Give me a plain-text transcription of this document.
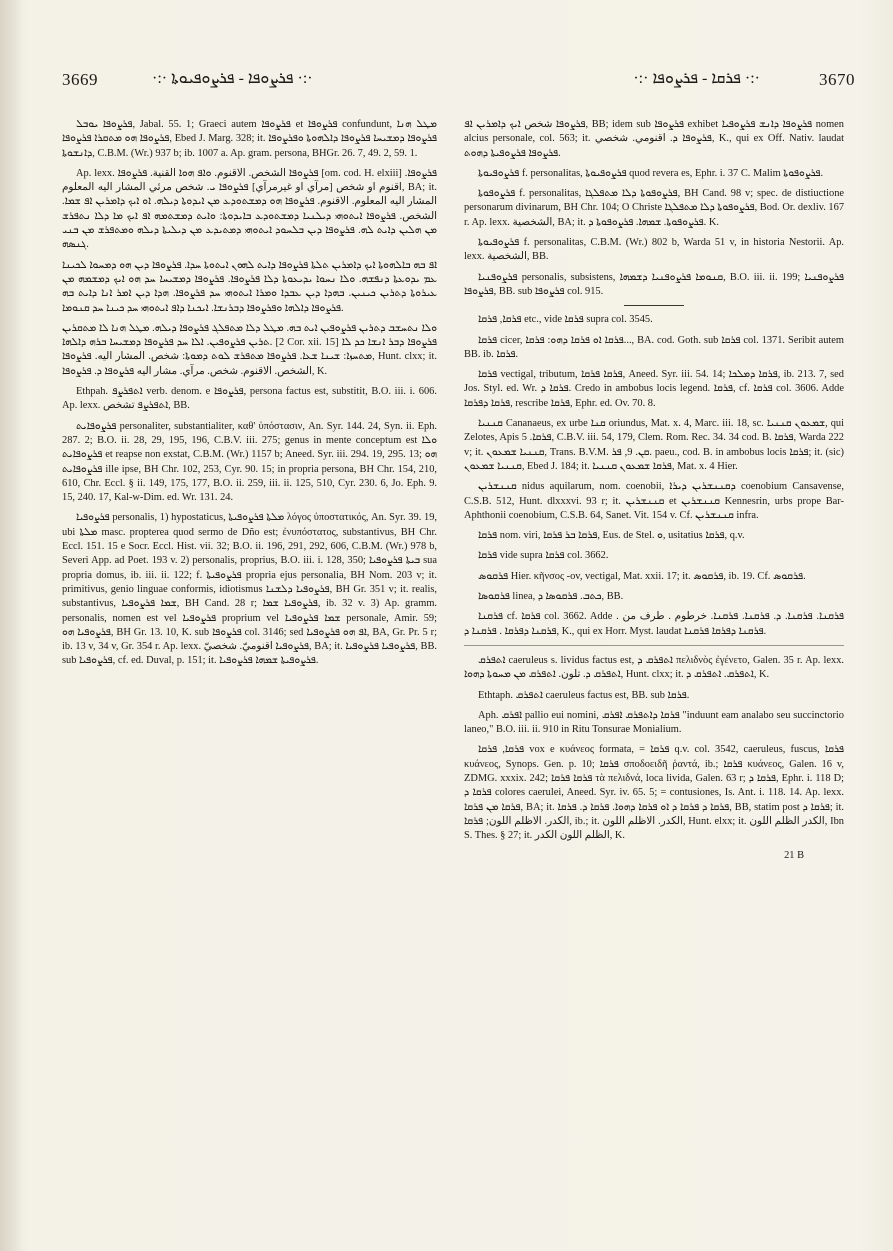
3669	·:· ܦܪܨܘܦܐ - ܦܪܨܘܦܝܘܬܐ ·:·	·:· ܦܪܩܐ - ܦܪܨܘܦܐ ·:·	3670

ܦܪܨܘܦܐ ܝܘܒܠ, Jabal. 55. 1; Graeci autem ܦܪܨܘܦܐ et ܦܪܨܘܦܐ confundunt, ܡܛܠ ܗܢܐ ܦܪܨܘܦܐ ܗܘ ܡܬܩܪܐ ܦܪܨܘܦܐ, Ebed J. Marg. 328; it. ܦܪܨܘܦܐ ܕܡܫܝܚܐ ܦܪܨܘܦܐ ܕܐܠܗܘܬܐ ܘܦܪܨܘܦܐ ܕܐܢܫܘܬܐ, C.B.M. (Wr.) 937 b; ib. 1007 a. Ap. gram. persona, BHGr. 26. 7, 49. 2, 59. 1.

Ap. lexx. ܦܪܨܘܦܐ الشخص. الاقنوم. ܘܐܦ ܗܘܐ القنية. ܦܪܨܘܦܐ [om. cod. H. elxiii] ܦܪܨܘܦܐ. اقنوم او شخص [مرآي او غيرمرآي] ܦܪܨܘܦܐ ܝ. شخص مرئي المشار اليه المعلوم, BA; it. المشار اليه المعلوم. الاقنوم. ܦܪܨܘܦܐ ܗܘ ܕܡܫܬܘܕܥ ܡܢ ܐܝܕܘܬܐ ܕܝܠܗ. ܐܘ ܐܝܟ ܕܐܡܪܝܢ ܐܦ ܫܡܐ. الشخص. ܦܪܨܘܦܐ ܐܝܬܘܗܝ ܕܝܠܢܝܐ ܕܡܫܬܘܕܥ ܒܐܝܕܘܬܐ: ܘܐܝܬ ܕܡܫܬܡܗ ܐܦ ܐܝܟ ܡܐ ܕܠܐ ܢܬܦܪܫ ܡܢ ܗܠܝܢ ܕܐܝܬ ܠܗ. ܦܪܨܘܦܐ ܕܝܢ ܒܠܚܘܕ ܐܝܬܘܗܝ ܕܡܬܝܕܥ ܡܢ ܕܝܠܝܬܐ ܕܝܠܗ ܘܡܬܦܪܫ ܡܢ ܒܢܝ ܓܢܣܗ.

ܐܦ ܒܗ ܒܐܠܗܘܬܐ ܐܝܟ ܕܐܡܪܝܢ ܬܠܬܐ ܦܪܨܘܦܐ ܕܐܝܬ ܠܗܘܢ ܐܝܬܘܬܐ ܚܕܐ. ܦܪܨܘܦܐ ܕܝܢ ܗܘ ܕܡܚܘܐ ܠܟܝܢܐ ܥܡ ܝܕܘܥܬܐ ܕܢܦܫܗ. ܘܠܐ ܢܚܘܐ ܝܕܝܥܘܬܐ ܕܠܐ ܦܪܨܘܦܐ. ܦܪܨܘܦܐ ܕܡܫܝܚܐ ܚܕ ܗܘ ܐܝܟ ܕܡܫܡܗ ܡܢ ܥܝܪܘܬܐ ܕܬܪܝܢ ܟܝܢܝܢ. ܒܗܕܐ ܕܝܢ ܥܒܕܐ ܘܡܪܐ ܐܝܬܘܗܝ ܚܕ ܦܪܨܘܦܐ. ܗܕܐ ܕܝܢ ܐܡܪ ܐܢܐ ܕܐܝܬ ܒܗ ܦܪܨܘܦܐ ܕܐܠܗܐ ܘܦܪܨܘܦܐ ܕܒܪܢܫܐ. ܐܝܟܢܐ ܕܐܦ ܐܝܬܘܗܝ ܚܕ ܟܝܢܐ ܚܕ ܩܢܘܡܐ.

ܘܠܐ ܢܬܚܫܒ ܕܬܪܝܢ ܦܪܨܘܦܝܢ ܐܝܬ ܒܗ. ܡܛܠ ܕܠܐ ܡܬܦܠܓ ܦܪܨܘܦܐ ܕܝܠܗ. ܡܛܠ ܗܢܐ ܠܐ ܡܬܩܪܝܢ ܬܪܝܢ ܦܪܨܘܦܝܢ. ܐܠܐ ܚܕ ܦܪܨܘܦܐ ܕܡܫܝܚܐ ܒܪܗ ܕܐܠܗܐ. [2 Cor. xii. 15] ܦܪܨܘܦܐ ܕܒܪ ܐܢܫܐ ܟܕ ܠܐ ܡܬܚܙܐ: ܫܝܢܐ ܫܥܐ. ܦܪܨܘܦܐ ܡܬܦܪܫ ܠܘܬ ܕܡܘܬܐ: شخص. المشار اليه. ܦܪܨܘܦܐ, Hunt. clxx; it. الشخص. الاقنوم. شخص. مرآي. مشار اليه ܦܪܨܘܦܐ ܕ. ܦܪܨܘܦܐ, K.

Ethpah. ܐܬܦܪܨܦ verb. denom. e ܦܪܨܘܦܐ, persona factus est, substitit, B.O. iii. i. 606. Ap. lexx. ܐܬܦܪܨܦ تشخص, BB.

ܦܪܨܘܦܐܝܬ personaliter, substantialiter, καθ' ὑπόστασιν, An. Syr. 144. 24, Syn. ii. Eph. 287. 2; B.O. ii. 28, 29, 195, 196, C.B.V. iii. 275; genus in mente conceptum est ܘܠܐ ܦܪܨܘܦܐܝܬ et reapse non exstat, C.B.M. (Wr.) 1157 b; Aneed. Syr. iii. 294. 19, 295. 13; ܗܘ ܦܪܨܘܦܐܝܬ ille ipse, BH Chr. 102, 253, Cyr. 90. 15; in propria persona, BH Chr. 154, 210, 610, Chr. Eccl. § ii. 149, 175, 177, B.O. ii. 259, iii. ii. 125, 510, Cyr. 230. 6, Jo. Eph. 9. 15, 240. 17, Kal-w-Dim. ed. Wr. 131. 24.

ܦܪܨܘܦܝܐ personalis, 1) hypostaticus, ܡܠܬܐ ܦܪܨܘܦܝܬܐ λόγος ὑποστατικός, An. Syr. 39. 19, ubi ܡܠܬܐ masc. propterea quod sermo de Dño est; ἐνυπόστατος, substantivus, BH Chr. Eccl. 151. 15 e Socr. Eccl. Hist. vii. 32; B.O. ii. 196, 291, 292, 606, C.B.M. (Wr.) 978 b, Severi App. ad Poet. 193 v. 2) personalis, proprius, B.O. iii. i. 128, 350; ܒܝܬܐ ܦܪܨܘܦܝܐ sua propria domus, ib. iii. ii. 122; f. ܦܪܨܘܦܝܬܐ propria ejus personalia, BH Nom. 203 v; it. primitivus, genio linguae conformis, idiotismus ܦܪܨܘܦܝܐ ܕܠܫܢܐ, BH Gr. 351 v; it. realis, substantivus, ܫܡܐ ܦܪܨܘܦܝܐ, BH Cand. 28 r; ܦܪܨܘܦܝܐ ܫܡܐ, ib. 32 v. 3) Ap. gramm. personalis, nomen est vel ܦܪܨܘܦܝܐ proprium vel ܫܡܐ ܦܪܨܘܦܝܐ personale, Amir. 59; ܦܪܨܘܦܝܐ ܗܘ, BH Gr. 13. 10, K. sub ܦܪܨܘܦܐ col. 3146; sed ܐܦ ܗܘ ܦܪܨܘܦܝܐ, BA, Gr. Pr. 5 r; ib. 13 v, 34 v, Gr. 354 r. Ap. lexx. ܦܪܨܘܦܝܐ اقنوميّ. شخصيّ, BA; it. ܦܪܨܘܦܝܐ ܦܪܨܘܦܝܐ, BB. sub ܦܪܨܘܦܝܐ, cf. ed. Duval, p. 151; it. ܦܪܨܘܦܝܬܐ ܫܡܗܐ ܦܪܨܘܦܝܐ.

ܦܪܨܘܦܐ شخص ܐܝܟ ܕܐܡܪܝܢ ܐܦ, BB; idem sub ܦܪܨܘܦܐ exhibet ܦܪܨܘܦܐ ܕܐܢܫ ܦܪܨܘܦܝܐ nomen alcius personale, col. 563; it. ܦܪܨܘܦܐ ܕ. اقنومي. شخصي, K., qui ex Off. Nativ. laudat ܦܪܨܘܦܐ ܦܪܨܘܦܝܬܐ ܕܗܘܬ.

ܦܪܨܘܦܝܘܬܐ f. personalitas, ܦܪܨܘܦܝܘܬܐ quod revera es, Ephr. i. 37 C. Malim ܦܪܨܘܦܘܬܐ.

ܦܪܨܘܦܘܬܐ f. personalitas, ܦܪܨܘܦܘܬܐ ܕܠܐ ܡܬܦܠܓܐ, BH Cand. 98 v; spec. de distiuctione personarum divinarum, BH Chr. 104; O Christe ܦܪܨܘܦܘܬܐ ܕܠܐ ܡܬܦܠܓܐ, Bod. Or. dexliv. 167 r. Ap. lexx. الشخصية, BA; it. ܦܪܨܘܦܘܬܐ. ܫܡܗܐ. ܦܪܨܘܦܘܬܐ ܕ. K.

ܦܪܨܘܦܝܘܬܐ f. personalitas, C.B.M. (Wr.) 802 b, Warda 51 v, in historia Nestorii. Ap. lexx. الشخصية, BB.

ܦܪܨܘܦܢܝܐ personalis, subsistens, ܩܢܘܡܐ ܦܪܨܘܦܢܝܐ ܕܫܡܗܐ, B.O. iii. ii. 199; ܦܪܨܘܦܢܝܐ ܦܪܨܘܦܐ, BB. sub ܦܪܨܘܦܐ col. 915.

ܦܪܩܐ, ܦܪܩܐ etc., vide ܦܪܩܐ supra col. 3545.

ܦܪܩܐ cicer, ܦܪܩܐ ܐܘ ܦܪܩܐ ܕܗܘ: ܦܪܩܐ..., BA. cod. Goth. sub ܦܪܩܐ col. 1371. Seribit autem BB. ib. ܦܪܩܐ.

ܦܪܩܐ vectigal, tributum, ܦܪܩܐ ܦܪܩܐ, Aneed. Syr. iii. 54. 14; ܦܪܩܐ ܕܡܠܟܐ, ib. 213. 7, sed Jos. Styl. ed. Wr. ܦܪܩܐ ܕ. Credo in ambobus locis legend. ܦܪܩܐ, cf. ܦܪܩܐ col. 3606. Adde ܦܪܩܐ ܕܦܪܩܐ, rescribe ܦܪܩܐ, Ephr. ed. Ov. 70. 8.

ܩܢܢܝܐ Cananaeus, ex urbe ܩܢܐ oriundus, Mat. x. 4, Marc. iii. 18, sc. ܫܡܥܘܢ ܩܢܢܝܐ, qui Zelotes, Apis ܦܪܩܐ. 5, C.B.V. iii. 54, 179, Clem. Rom. Rec. 34. 34 cod. B. ܦܪܩܐ, Warda 222 v; it. ܩܢܢܝܐ ܫܡܥܘܢ, Trans. B.V.M. ܩܢ. 9, ܦܪ. paeu., cod. B. in ambobus locis ܦܪܩܐ; it. (sic) ܩܢܢܝܐ ܫܡܥܘܢ, Ebed J. 184; it. ܦܪܩܐ ܫܡܥܘܢ ܩܢܢܝܐ, Mat. x. 4 Hier.

ܩܢܢܫܪܝܢ nidus aquilarum, nom. coenobii, ܕܩܢܢܫܪܝܢ ܕܝܪܐ coenobium Cansavense, C.S.B. 512, Hunt. dlxxxvi. 93 r; it. ܩܢܢܫܪܝܢ et ܩܢܢܫܪܝܢ Kennesrin, urbs prope Bar-Aphthonii coenobium, C.S.B. 64, Sanet. Vit. 154 v. Cf. ܩܢܢܫܪܝܢ infra.

ܦܪܩܐ nom. viri, ܦܪܩܐ ܒܪ ܦܪܩܐ, Eus. de Stel. ܘ, usitatius ܦܪܩܐ, q.v.

ܦܪܩܐ vide supra ܦܪܩܐ col. 3662.

ܦܪܩܘܣ Hier. κῆνσος -ov, vectigal, Mat. xxii. 17; it. ܦܪܩܘܣ, ib. 19. Cf. ܦܪܩܘܣ.

ܦܪܩܘܣܐ linea, ܟܬܒ. ܦܪܩܘܣܐ ܕ, BB.

ܦܪܩܢܐ cf. ܦܪܩܐ col. 3662. Adde ܦܪܩܢܐ. ܦܪܩܢܐ. ܕ. ܦܪܩܢܐ. ܦܪܩܢܐ. خرطوم . طرف من . ܦܪܩܢܐ ܕܦܪܩܐ . ܦܪܩܢܐ ܕ, K., qui ex Horr. Myst. laudat ܦܪܩܢܐ ܕܦܪܩܐ ܦܪܩܢܐ.

ܐܬܦܪܩ caeruleus s. lividus factus est, ܐܬܦܪܩ ܕ πελιδνὸς ἐγένετο, Galen. 35 r. Ap. lexx. ܐܬܦܪܩ ܕ. تلون. ܐܬܦܪܩ ܡܢ ܡܚܘܬܐ ܕܗܘܐ, Hunt. clxx; it. ܐܬܦܪܩ. ܐܬܦܪܩ ܕ, K.

Ethtaph. ܐܬܦܪܩ caeruleus factus est, BB. sub ܦܪܩܐ.

Aph. ܐܦܪܩ pallio eui nomini, ܦܪܩܐ ܕܐܬܦܪܩ ܐܦܪܩ "induunt eam analabo seu succinctorio laneo," B.O. iii. ii. 910 in Ritu Tonsurae Monialium.

ܦܪܩܐ, ܦܪܩܐ vox e κυάνεος formata, = ܦܪܩܐ q.v. col. 3542, caeruleus, fuscus, ܦܪܩܐ κυάνεος, Synops. Gen. p. 10; ܦܪܩܐ σποδοειδῆ ῥαντά, ib.; ܦܪܩܐ κυάνεος, Galen. 16 v, ZDMG. xxxix. 242; ܦܪܩܐ ܦܪܩܐ τὰ πελιδνά, loca livida, Galen. 63 r; ܦܪܩܐ ܕ, Ephr. i. 118 D; ܦܪܩܐ ܕ colores caerulei, Aneed. Syr. iv. 65. 5; = contusiones, Is. Ant. i. 118. 14. Ap. lexx. ܦܪܩܐ ܡܢ ܦܪܩܐ, BA; it. ܦܪܩܐ ܕ ܦܪܩܐ ܕ ܐܘ ܦܪܩܐ ܕܗܘܐ. ܦܪܩܐ ܕ. ܦܪܩܐ, BB, statim post ܦܪܩܐ ܕ; it. الكدر. الاظلم اللون; ܦܪܩܐ, ib.; it. الكدر. الاظلم اللون, Hunt. elxx; it. الكدر الظلم اللون, Ibn S. Thes. § 27; it. الظلم اللون الكدر, K.

21 B
